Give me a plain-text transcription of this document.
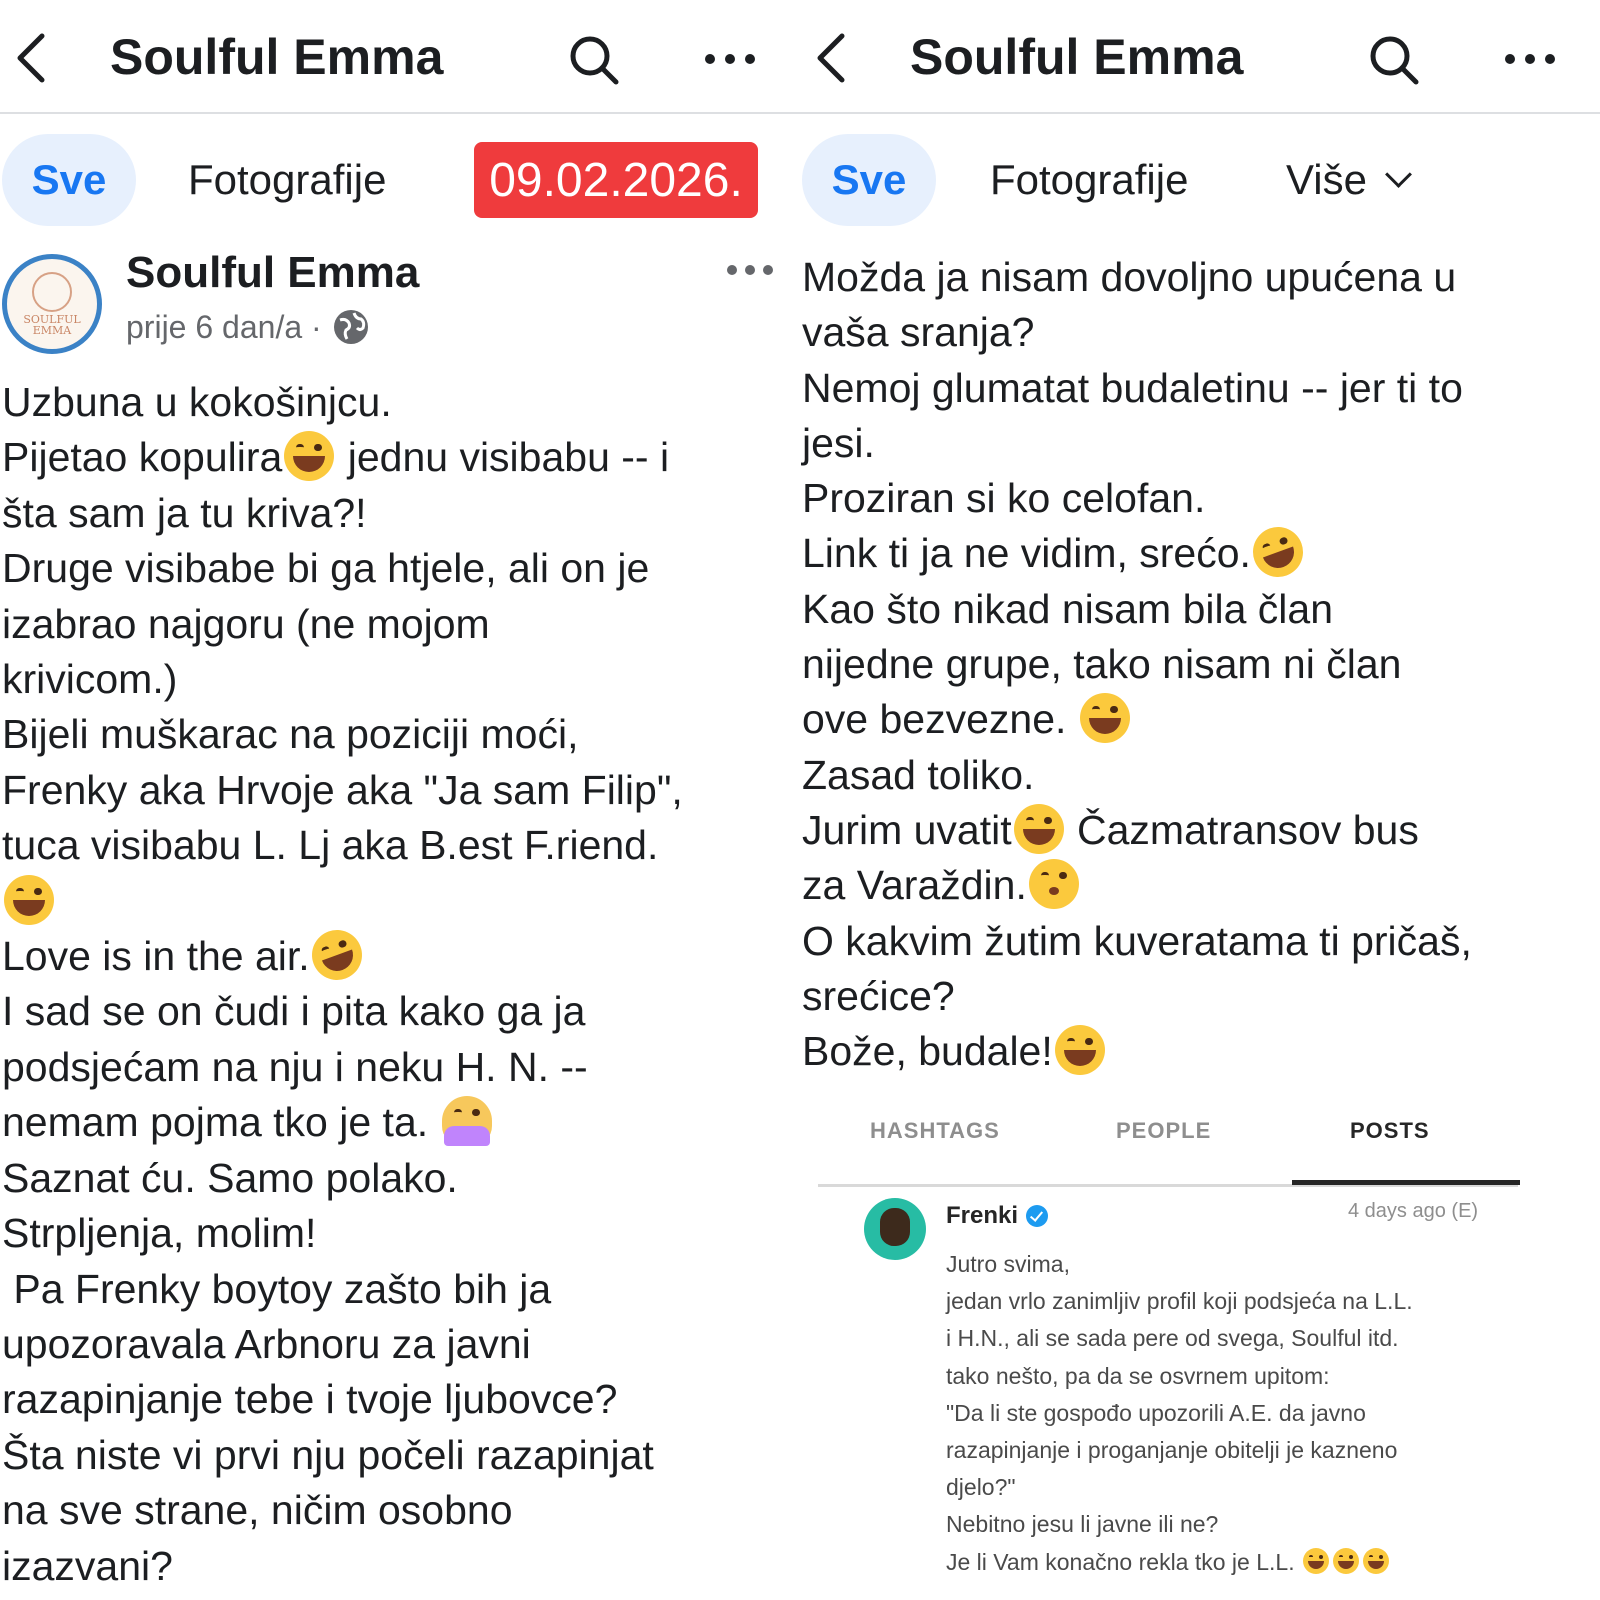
Soulful Emma
Sve	Fotografije	09.02.2026.
SOULFUL EMMA
Soulful Emma
prije 6 dan/a ·
Uzbuna u kokošinjcu.
Pijetao kopulira jednu visibabu -- i
šta sam ja tu kriva?!
Druge visibabe bi ga htjele, ali on je
izabrao najgoru (ne mojom
krivicom.)
Bijeli muškarac na poziciji moći,
Frenky aka Hrvoje aka "Ja sam Filip",
tuca visibabu L. Lj aka B.est F.riend.
Love is in the air.
I sad se on čudi i pita kako ga ja
podsjećam na nju i neku H. N. --
nemam pojma tko je ta.
Saznat ću. Samo polako.
Strpljenja, molim!
Pa Frenky boytoy zašto bih ja
upozoravala Arbnoru za javni
razapinjanje tebe i tvoje ljubovce?
Šta niste vi prvi nju počeli razapinjat
na sve strane, ničim osobno
izazvani?
Soulful Emma
Sve	Fotografije Više
Možda ja nisam dovoljno upućena u
vaša sranja?
Nemoj glumatat budaletinu -- jer ti to
jesi.
Proziran si ko celofan.
Link ti ja ne vidim, srećo.
Kao što nikad nisam bila član
nijedne grupe, tako nisam ni član
ove bezvezne.
Zasad toliko.
Jurim uvatit Čazmatransov bus
za Varaždin.
O kakvim žutim kuveratama ti pričaš,
srećice?
Bože, budale!
HASHTAGS	PEOPLE	POSTS
Frenki	4 days ago (E)
Jutro svima,
jedan vrlo zanimljiv profil koji podsjeća na L.L.
i H.N., ali se sada pere od svega, Soulful itd.
tako nešto, pa da se osvrnem upitom:
"Da li ste gospođo upozorili A.E. da javno
razapinjanje i proganjanje obitelji je kazneno
djelo?"
Nebitno jesu li javne ili ne?
Je li Vam konačno rekla tko je L.L.
